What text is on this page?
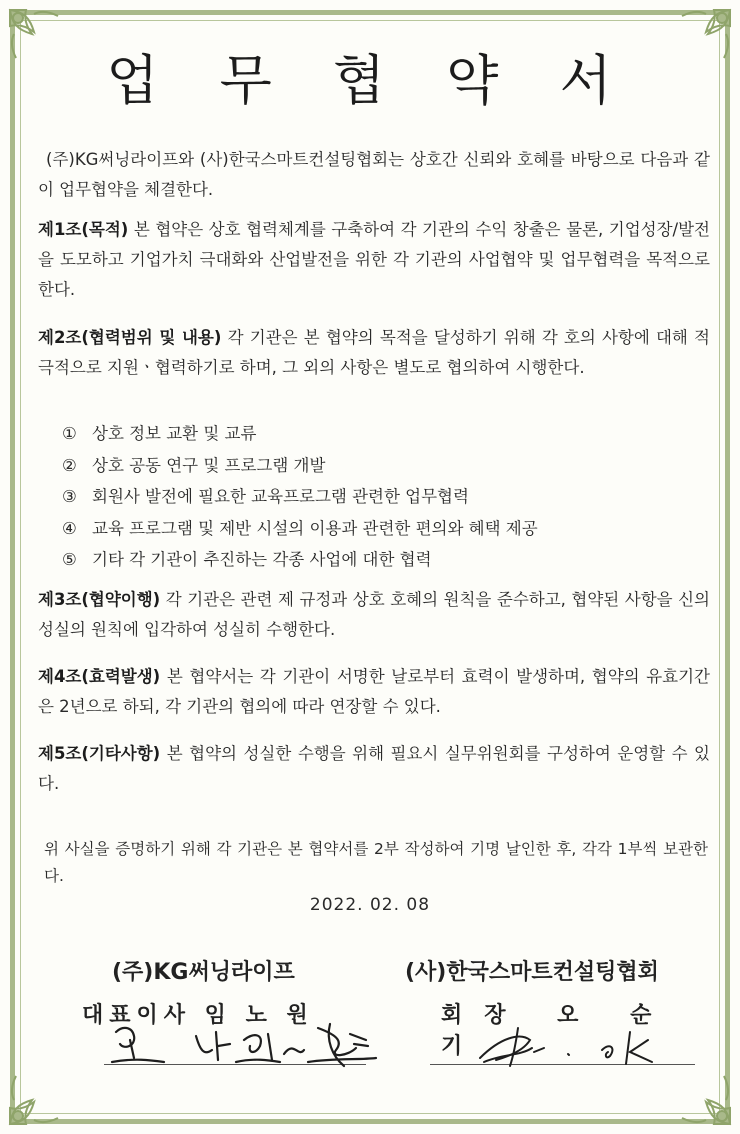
업 무 협 약 서

(주)KG써닝라이프와 (사)한국스마트컨설팅협회는 상호간 신뢰와 호혜를 바탕으로 다음과 같이 업무협약을 체결한다.

제1조(목적) 본 협약은 상호 협력체계를 구축하여 각 기관의 수익 창출은 물론, 기업성장/발전을 도모하고 기업가치 극대화와 산업발전을 위한 각 기관의 사업협약 및 업무협력을 목적으로 한다.

제2조(협력범위 및 내용) 각 기관은 본 협약의 목적을 달성하기 위해 각 호의 사항에 대해 적극적으로 지원ㆍ협력하기로 하며, 그 외의 사항은 별도로 협의하여 시행한다.

① 상호 정보 교환 및 교류
② 상호 공동 연구 및 프로그램 개발
③ 회원사 발전에 필요한 교육프로그램 관련한 업무협력
④ 교육 프로그램 및 제반 시설의 이용과 관련한 편의와 혜택 제공
⑤ 기타 각 기관이 추진하는 각종 사업에 대한 협력

제3조(협약이행) 각 기관은 관련 제 규정과 상호 호혜의 원칙을 준수하고, 협약된 사항을 신의성실의 원칙에 입각하여 성실히 수행한다.

제4조(효력발생) 본 협약서는 각 기관이 서명한 날로부터 효력이 발생하며, 협약의 유효기간은 2년으로 하되, 각 기관의 협의에 따라 연장할 수 있다.

제5조(기타사항) 본 협약의 성실한 수행을 위해 필요시 실무위원회를 구성하여 운영할 수 있다.

위 사실을 증명하기 위해 각 기관은 본 협약서를 2부 작성하여 기명 날인한 후, 각각 1부씩 보관한다.

2022. 02. 08
(주)KG써닝라이프
대표이사 임 노 원
(사)한국스마트컨설팅협회
회장 오 순 기
